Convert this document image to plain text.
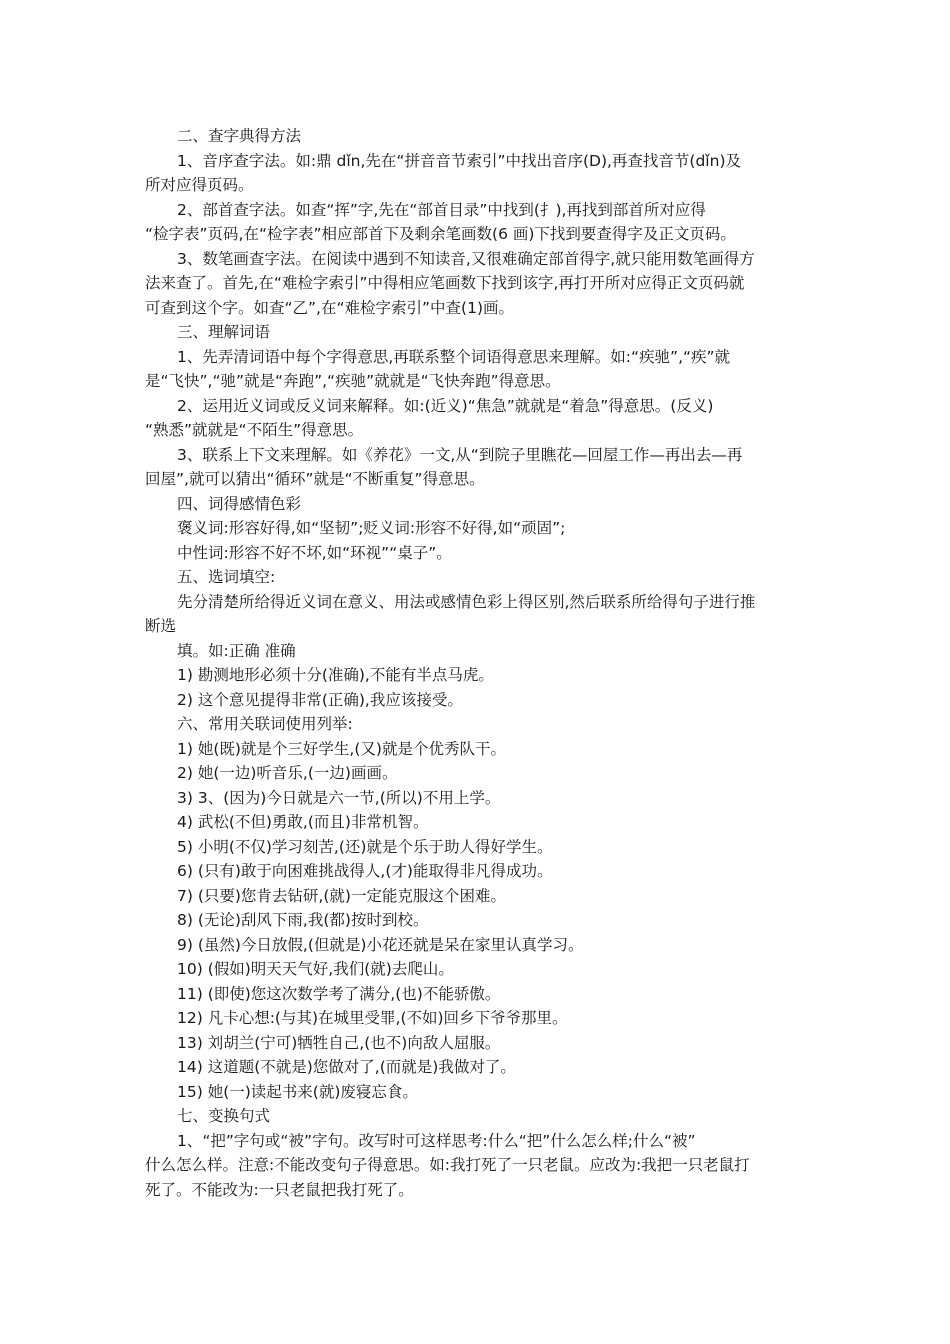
二、查字典得方法

1、音序查字法。如:鼎 dǐn,先在“拼音音节索引”中找出音序(D),再查找音节(dǐn)及

所对应得页码。

2、部首查字法。如查“挥”字,先在“部首目录”中找到(扌),再找到部首所对应得

“检字表”页码,在“检字表”相应部首下及剩余笔画数(6 画)下找到要查得字及正文页码。

3、数笔画查字法。在阅读中遇到不知读音,又很难确定部首得字,就只能用数笔画得方

法来查了。首先,在“难检字索引”中得相应笔画数下找到该字,再打开所对应得正文页码就

可查到这个字。如查“乙”,在“难检字索引”中查(1)画。

三、理解词语

1、先弄清词语中每个字得意思,再联系整个词语得意思来理解。如:“疾驰”,“疾”就

是“飞快”,“驰”就是“奔跑”,“疾驰”就就是“飞快奔跑”得意思。

2、运用近义词或反义词来解释。如:(近义)“焦急”就就是“着急”得意思。(反义)

“熟悉”就就是“不陌生”得意思。

3、联系上下文来理解。如《养花》一文,从“到院子里瞧花—回屋工作—再出去—再

回屋”,就可以猜出“循环”就是“不断重复”得意思。

四、词得感情色彩

褒义词:形容好得,如“坚韧”;贬义词:形容不好得,如“顽固”;

中性词:形容不好不坏,如“环视”“桌子”。

五、选词填空:

先分清楚所给得近义词在意义、用法或感情色彩上得区别,然后联系所给得句子进行推

断选

填。如:正确 准确

1) 勘测地形必须十分(准确),不能有半点马虎。

2) 这个意见提得非常(正确),我应该接受。

六、常用关联词使用列举:

1) 她(既)就是个三好学生,(又)就是个优秀队干。

2) 她(一边)听音乐,(一边)画画。

3) 3、(因为)今日就是六一节,(所以)不用上学。

4) 武松(不但)勇敢,(而且)非常机智。

5) 小明(不仅)学习刻苦,(还)就是个乐于助人得好学生。

6) (只有)敢于向困难挑战得人,(才)能取得非凡得成功。

7) (只要)您肯去钻研,(就)一定能克服这个困难。

8) (无论)刮风下雨,我(都)按时到校。

9) (虽然)今日放假,(但就是)小花还就是呆在家里认真学习。

10) (假如)明天天气好,我们(就)去爬山。

11) (即使)您这次数学考了满分,(也)不能骄傲。

12) 凡卡心想:(与其)在城里受罪,(不如)回乡下爷爷那里。

13) 刘胡兰(宁可)牺牲自己,(也不)向敌人屈服。

14) 这道题(不就是)您做对了,(而就是)我做对了。

15) 她(一)读起书来(就)废寝忘食。

七、变换句式

1、“把”字句或“被”字句。改写时可这样思考:什么“把”什么怎么样;什么“被”

什么怎么样。注意:不能改变句子得意思。如:我打死了一只老鼠。应改为:我把一只老鼠打

死了。不能改为:一只老鼠把我打死了。
